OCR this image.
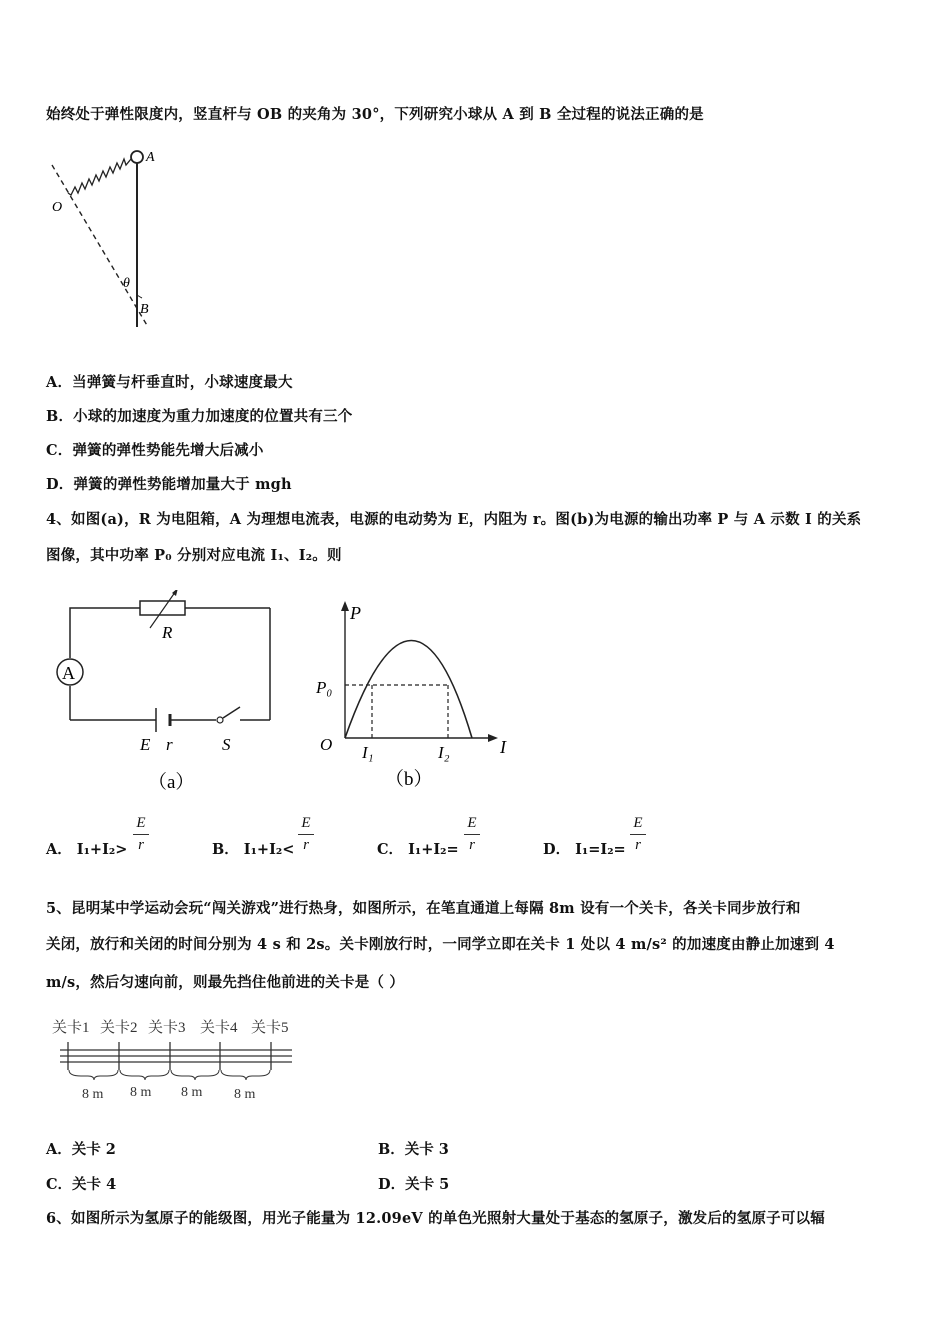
始终处于弹性限度内，竖直杆与 OB 的夹角为 30°，下列研究小球从 A 到 B 全过程的说法正确的是
A
O
θ
B
A．当弹簧与杆垂直时，小球速度最大
B．小球的加速度为重力加速度的位置共有三个
C．弹簧的弹性势能先增大后减小
D．弹簧的弹性势能增加量大于 mgh
4、如图(a)，R 为电阻箱，A 为理想电流表，电源的电动势为 E，内阻为 r。图(b)为电源的输出功率 P 与 A 示数 I 的关系
图像，其中功率 P₀ 分别对应电流 I₁、I₂。则
R
A
E r	S
（a）
P
P₀
O I₁	I₂	I
（b）
A． I₁+I₂>
E
r	B． I₁+I₂<
E
r	C． I₁+I₂=
E
r	D． I₁=I₂=
E
r
5、昆明某中学运动会玩“闯关游戏”进行热身，如图所示，在笔直通道上每隔 8m 设有一个关卡，各关卡同步放行和
关闭，放行和关闭的时间分别为 4 s 和 2s。关卡刚放行时，一同学立即在关卡 1 处以 4 m/s² 的加速度由静止加速到 4
m/s，然后匀速向前，则最先挡住他前进的关卡是（ ）
关卡1 关卡2 关卡3 关卡4 关卡5
8 m 8 m 8 m 8 m
A．关卡 2	B．关卡 3
C．关卡 4	D．关卡 5
6、如图所示为氢原子的能级图，用光子能量为 12.09eV 的单色光照射大量处于基态的氢原子，激发后的氢原子可以辐
